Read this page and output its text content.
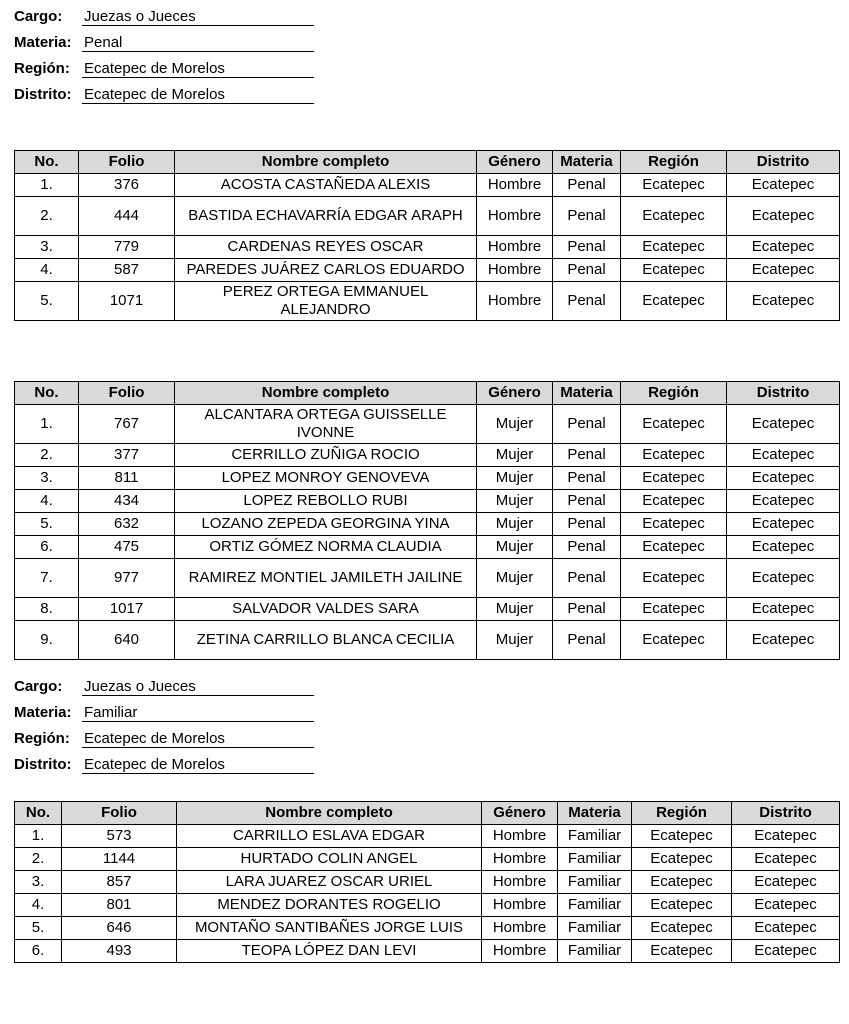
Cargo: Juezas o Jueces
Materia: Penal
Región: Ecatepec de Morelos
Distrito: Ecatepec de Morelos
No.	Folio	Nombre completo	Género	Materia	Región	Distrito
1.	376	ACOSTA CASTAÑEDA ALEXIS	Hombre	Penal	Ecatepec	Ecatepec
2.	444	BASTIDA ECHAVARRÍA EDGAR ARAPH	Hombre	Penal	Ecatepec	Ecatepec
3.	779	CARDENAS REYES OSCAR	Hombre	Penal	Ecatepec	Ecatepec
4.	587	PAREDES JUÁREZ CARLOS EDUARDO	Hombre	Penal	Ecatepec	Ecatepec
5.	1071	PEREZ ORTEGA EMMANUEL ALEJANDRO	Hombre	Penal	Ecatepec	Ecatepec
No.	Folio	Nombre completo	Género	Materia	Región	Distrito
1.	767	ALCANTARA ORTEGA GUISSELLE IVONNE	Mujer	Penal	Ecatepec	Ecatepec
2.	377	CERRILLO ZUÑIGA ROCIO	Mujer	Penal	Ecatepec	Ecatepec
3.	811	LOPEZ MONROY GENOVEVA	Mujer	Penal	Ecatepec	Ecatepec
4.	434	LOPEZ REBOLLO RUBI	Mujer	Penal	Ecatepec	Ecatepec
5.	632	LOZANO ZEPEDA GEORGINA YINA	Mujer	Penal	Ecatepec	Ecatepec
6.	475	ORTIZ GÓMEZ NORMA CLAUDIA	Mujer	Penal	Ecatepec	Ecatepec
7.	977	RAMIREZ MONTIEL JAMILETH JAILINE	Mujer	Penal	Ecatepec	Ecatepec
8.	1017	SALVADOR VALDES SARA	Mujer	Penal	Ecatepec	Ecatepec
9.	640	ZETINA CARRILLO BLANCA CECILIA	Mujer	Penal	Ecatepec	Ecatepec
Cargo: Juezas o Jueces
Materia: Familiar
Región: Ecatepec de Morelos
Distrito: Ecatepec de Morelos
No.	Folio	Nombre completo	Género	Materia	Región	Distrito
1.	573	CARRILLO ESLAVA EDGAR	Hombre	Familiar	Ecatepec	Ecatepec
2.	1144	HURTADO COLIN ANGEL	Hombre	Familiar	Ecatepec	Ecatepec
3.	857	LARA JUAREZ OSCAR URIEL	Hombre	Familiar	Ecatepec	Ecatepec
4.	801	MENDEZ DORANTES ROGELIO	Hombre	Familiar	Ecatepec	Ecatepec
5.	646	MONTAÑO SANTIBAÑES JORGE LUIS	Hombre	Familiar	Ecatepec	Ecatepec
6.	493	TEOPA LÓPEZ DAN LEVI	Hombre	Familiar	Ecatepec	Ecatepec
